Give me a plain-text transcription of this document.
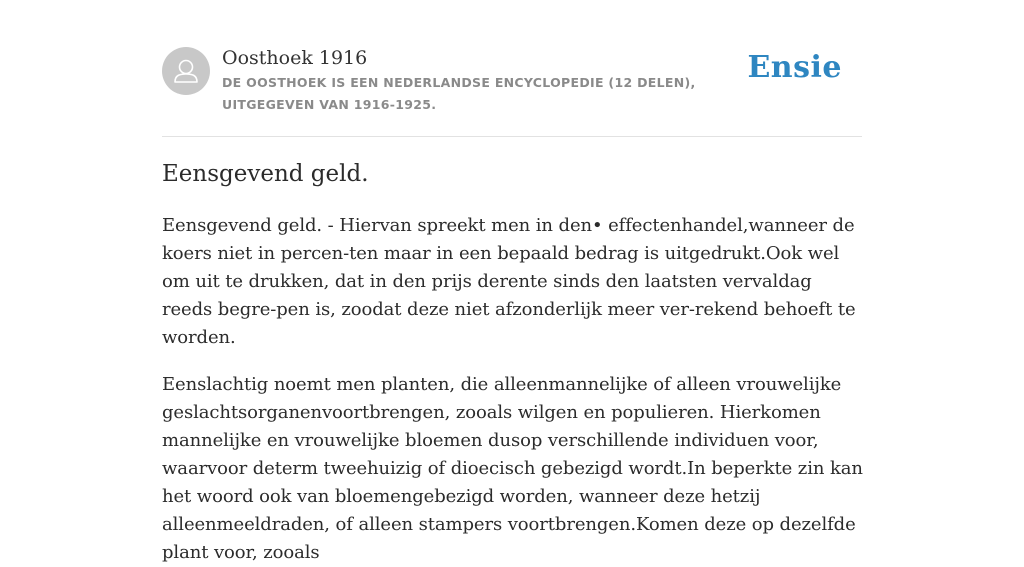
Oosthoek 1916
DE OOSTHOEK IS EEN NEDERLANDSE ENCYCLOPEDIE (12 DELEN), UITGEGEVEN VAN 1916-1925.
Ensie
Eensgevend geld.

Eensgevend geld. - Hiervan spreekt men in den• effectenhandel,wanneer de koers niet in percen-ten maar in een bepaald bedrag is uitgedrukt.Ook wel om uit te drukken, dat in den prijs derente sinds den laatsten vervaldag reeds begre-pen is, zoodat deze niet afzonderlijk meer ver-rekend behoeft te worden.

Eenslachtig noemt men planten, die alleenmannelijke of alleen vrouwelijke geslachtsorganenvoortbrengen, zooals wilgen en populieren. Hierkomen mannelijke en vrouwelijke bloemen dusop verschillende individuen voor, waarvoor determ tweehuizig of dioecisch gebezigd wordt.In beperkte zin kan het woord ook van bloemengebezigd worden, wanneer deze hetzij alleenmeeldraden, of alleen stampers voortbrengen.Komen deze op dezelfde plant voor, zooals
